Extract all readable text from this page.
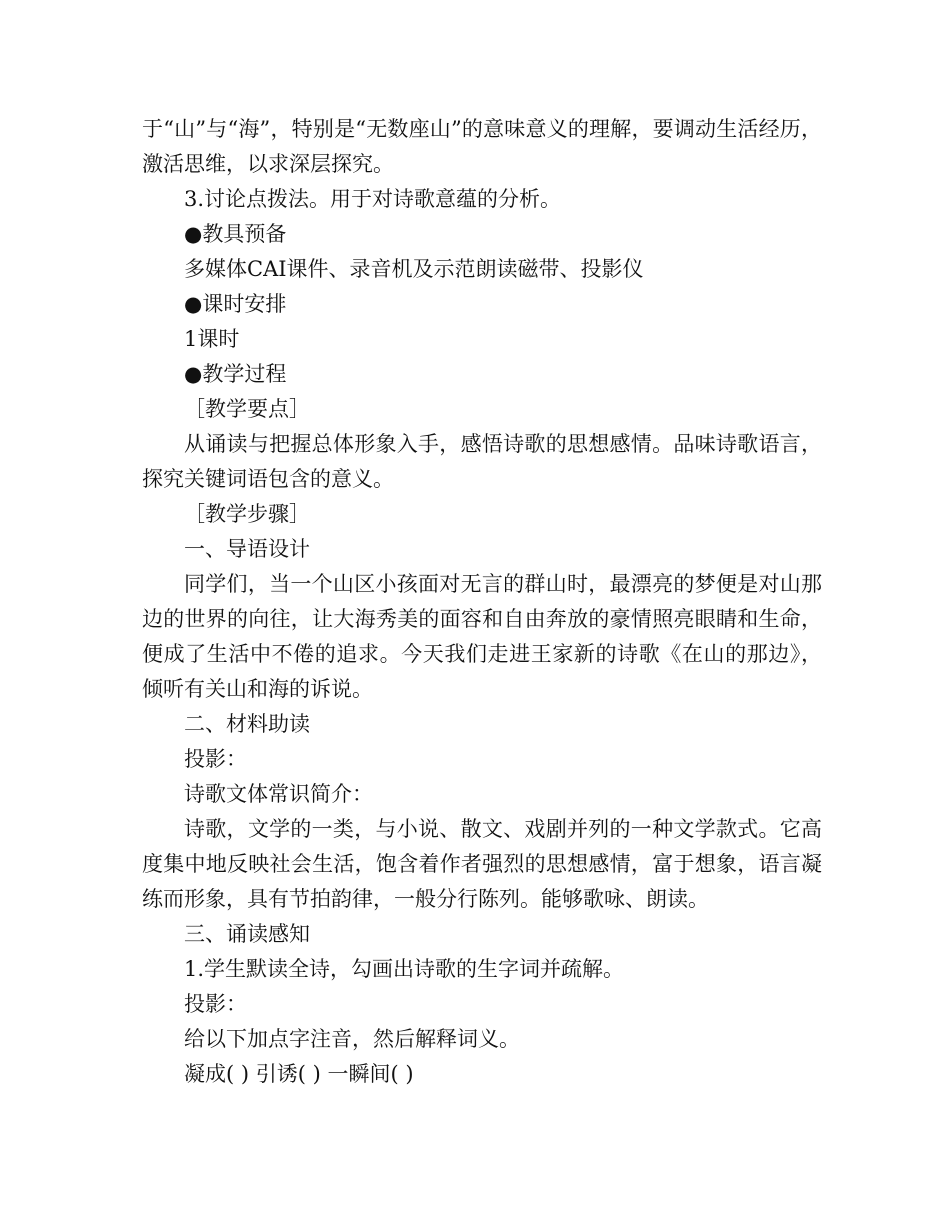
于“山”与“海”，特别是“无数座山”的意味意义的理解，要调动生活经历，激活思维，以求深层探究。

3.讨论点拨法。用于对诗歌意蕴的分析。

●教具预备

多媒体CAI课件、录音机及示范朗读磁带、投影仪

●课时安排

1课时

●教学过程

［教学要点］

从诵读与把握总体形象入手，感悟诗歌的思想感情。品味诗歌语言，探究关键词语包含的意义。

［教学步骤］

一、导语设计

同学们，当一个山区小孩面对无言的群山时，最漂亮的梦便是对山那边的世界的向往，让大海秀美的面容和自由奔放的豪情照亮眼睛和生命，便成了生活中不倦的追求。今天我们走进王家新的诗歌《在山的那边》，倾听有关山和海的诉说。

二、材料助读

投影：

诗歌文体常识简介：

诗歌，文学的一类，与小说、散文、戏剧并列的一种文学款式。它高度集中地反映社会生活，饱含着作者强烈的思想感情，富于想象，语言凝练而形象，具有节拍韵律，一般分行陈列。能够歌咏、朗读。

三、诵读感知

1.学生默读全诗，勾画出诗歌的生字词并疏解。

投影：

给以下加点字注音，然后解释词义。

凝成( ) 引诱( ) 一瞬间( )
